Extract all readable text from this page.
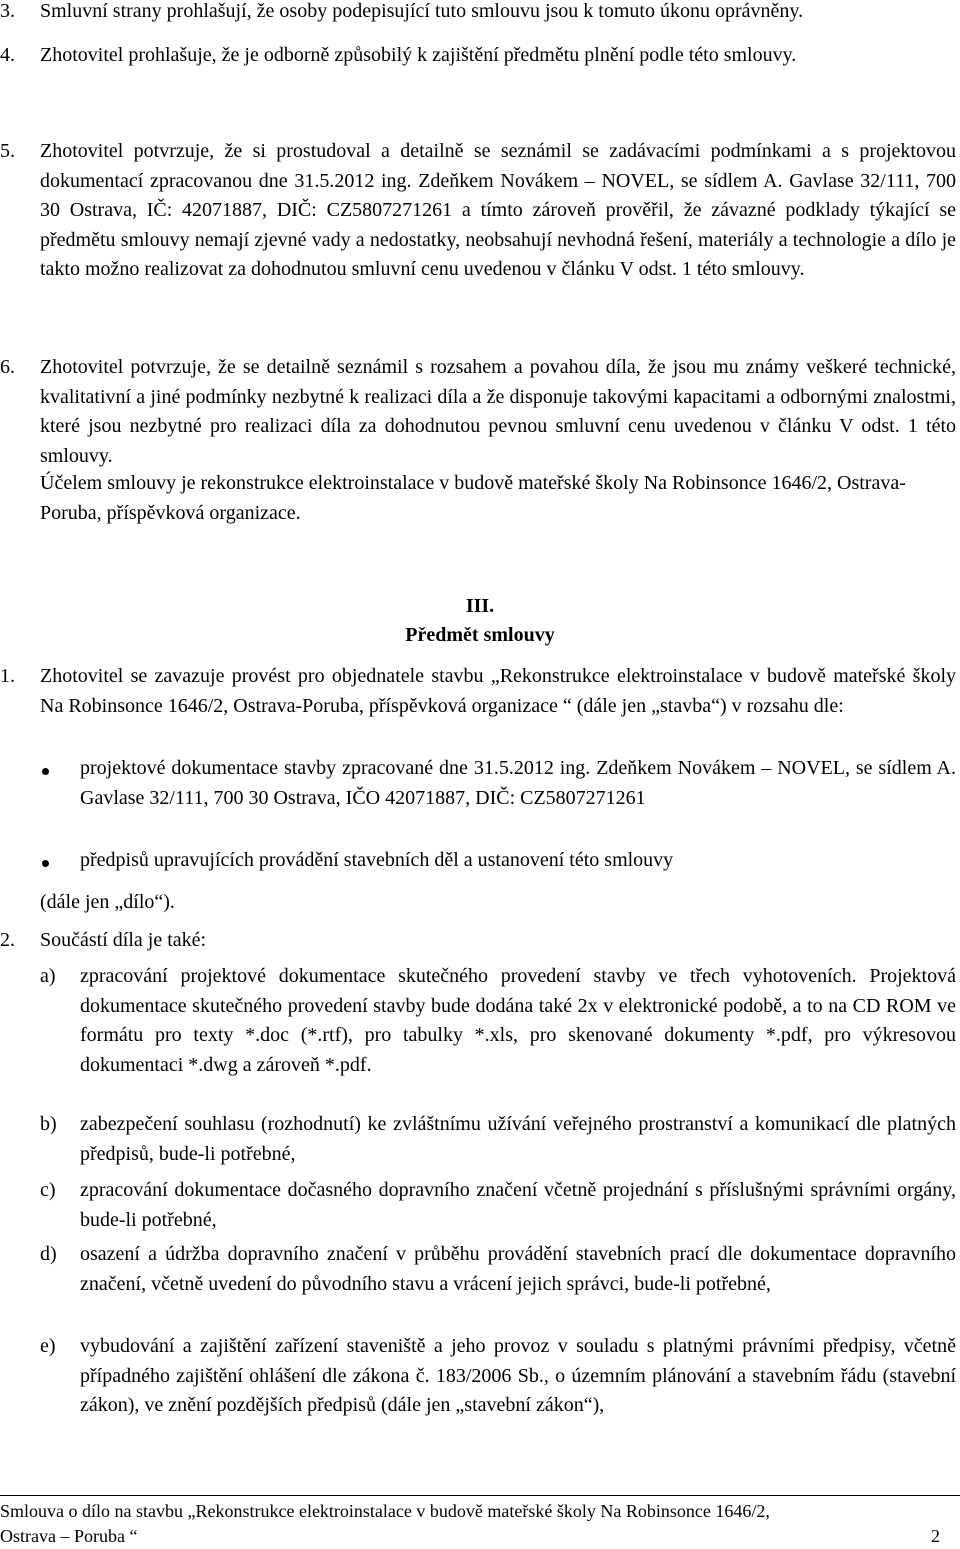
3. Smluvní strany prohlašují, že osoby podepisující tuto smlouvu jsou k tomuto úkonu oprávněny.
4. Zhotovitel prohlašuje, že je odborně způsobilý k zajištění předmětu plnění podle této smlouvy.
5. Zhotovitel potvrzuje, že si prostudoval a detailně se seznámil se zadávacími podmínkami a s projektovou dokumentací zpracovanou dne 31.5.2012 ing. Zdeňkem Novákem – NOVEL, se sídlem A. Gavlase 32/111, 700 30 Ostrava, IČ: 42071887, DIČ: CZ5807271261 a tímto zároveň prověřil, že závazné podklady týkající se předmětu smlouvy nemají zjevné vady a nedostatky, neobsahují nevhodná řešení, materiály a technologie a dílo je takto možno realizovat za dohodnutou smluvní cenu uvedenou v článku V odst. 1 této smlouvy.
6. Zhotovitel potvrzuje, že se detailně seznámil s rozsahem a povahou díla, že jsou mu známy veškeré technické, kvalitativní a jiné podmínky nezbytné k realizaci díla a že disponuje takovými kapacitami a odbornými znalostmi, které jsou nezbytné pro realizaci díla za dohodnutou pevnou smluvní cenu uvedenou v článku V odst. 1 této smlouvy.
Účelem smlouvy je rekonstrukce elektroinstalace v budově mateřské školy Na Robinsonce 1646/2, Ostrava-Poruba, příspěvková organizace.
III.
Předmět smlouvy
1. Zhotovitel se zavazuje provést pro objednatele stavbu „Rekonstrukce elektroinstalace v budově mateřské školy Na Robinsonce 1646/2, Ostrava-Poruba, příspěvková organizace “ (dále jen „stavba“) v rozsahu dle:
projektové dokumentace stavby zpracované dne 31.5.2012 ing. Zdeňkem Novákem – NOVEL, se sídlem A. Gavlase 32/111, 700 30 Ostrava, IČO 42071887, DIČ: CZ5807271261
předpisů upravujících provádění stavebních děl a ustanovení této smlouvy
(dále jen „dílo“).
2. Součástí díla je také:
a) zpracování projektové dokumentace skutečného provedení stavby ve třech vyhotoveních. Projektová dokumentace skutečného provedení stavby bude dodána také 2x v elektronické podobě, a to na CD ROM ve formátu pro texty *.doc (*.rtf), pro tabulky *.xls, pro skenované dokumenty *.pdf, pro výkresovou dokumentaci *.dwg a zároveň *.pdf.
b) zabezpečení souhlasu (rozhodnutí) ke zvláštnímu užívání veřejného prostranství a komunikací dle platných předpisů, bude-li potřebné,
c) zpracování dokumentace dočasného dopravního značení včetně projednání s příslušnými správními orgány, bude-li potřebné,
d) osazení a údržba dopravního značení v průběhu provádění stavebních prací dle dokumentace dopravního značení, včetně uvedení do původního stavu a vrácení jejich správci, bude-li potřebné,
e) vybudování a zajištění zařízení staveniště a jeho provoz v souladu s platnými právními předpisy, včetně případného zajištění ohlášení dle zákona č. 183/2006 Sb., o územním plánování a stavebním řádu (stavební zákon), ve znění pozdějších předpisů (dále jen „stavební zákon“),
Smlouva o dílo na stavbu „Rekonstrukce elektroinstalace v budově mateřské školy Na Robinsonce 1646/2,
Ostrava – Poruba “	2
